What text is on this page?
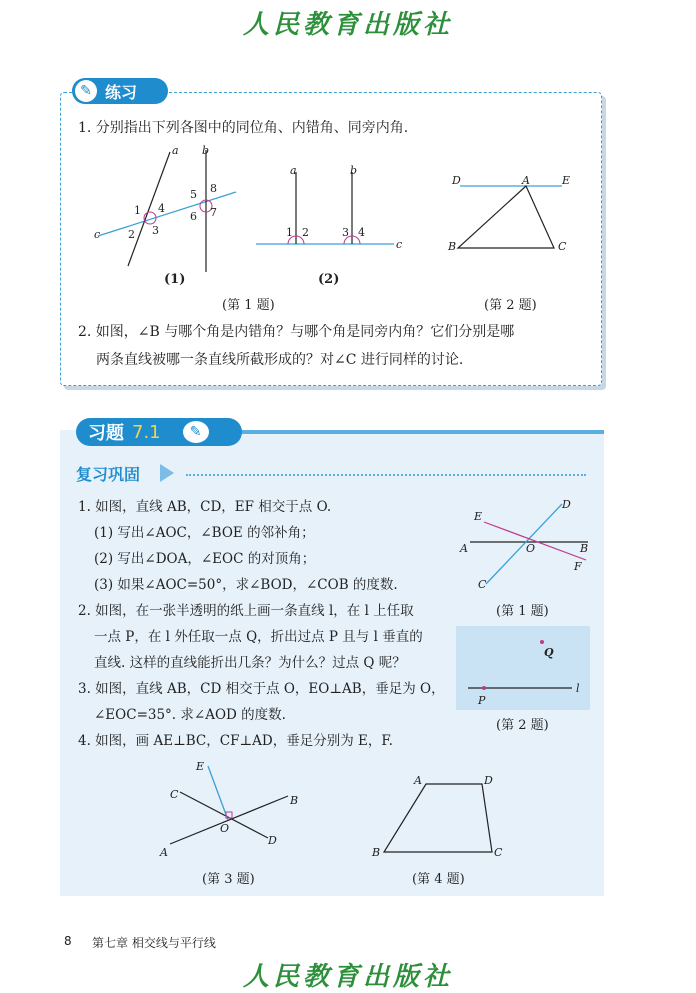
人民教育出版社
✎ 练习
1. 分别指出下列各图中的同位角、内错角、同旁内角.
a b
c
1 4
2 3
5 8
6 7
(1)
a	b
c
1 2	3 4
(2)
(第 1 题)
D	A	E
B	C
(第 2 题)
2. 如图，∠B 与哪个角是内错角？与哪个角是同旁内角？它们分别是哪
两条直线被哪一条直线所截形成的？对∠C 进行同样的讨论.
习题 7.1	✎
复习巩固
1. 如图，直线 AB，CD，EF 相交于点 O.
(1) 写出∠AOC，∠BOE 的邻补角；
(2) 写出∠DOA，∠EOC 的对顶角；
(3) 如果∠AOC=50°，求∠BOD，∠COB 的度数.
D
E
A	O	B
F
C
(第 1 题)
2. 如图，在一张半透明的纸上画一条直线 l，在 l 上任取
一点 P，在 l 外任取一点 Q，折出过点 P 且与 l 垂直的
直线. 这样的直线能折出几条？为什么？过点 Q 呢？
Q
P
l
(第 2 题)
3. 如图，直线 AB，CD 相交于点 O，EO⊥AB，垂足为 O，
∠EOC=35°. 求∠AOD 的度数.
4. 如图，画 AE⊥BC，CF⊥AD，垂足分别为 E，F.
E
C	B
O
D
A
(第 3 题)
A	D
B	C
(第 4 题)
8 第七章 相交线与平行线
人民教育出版社
